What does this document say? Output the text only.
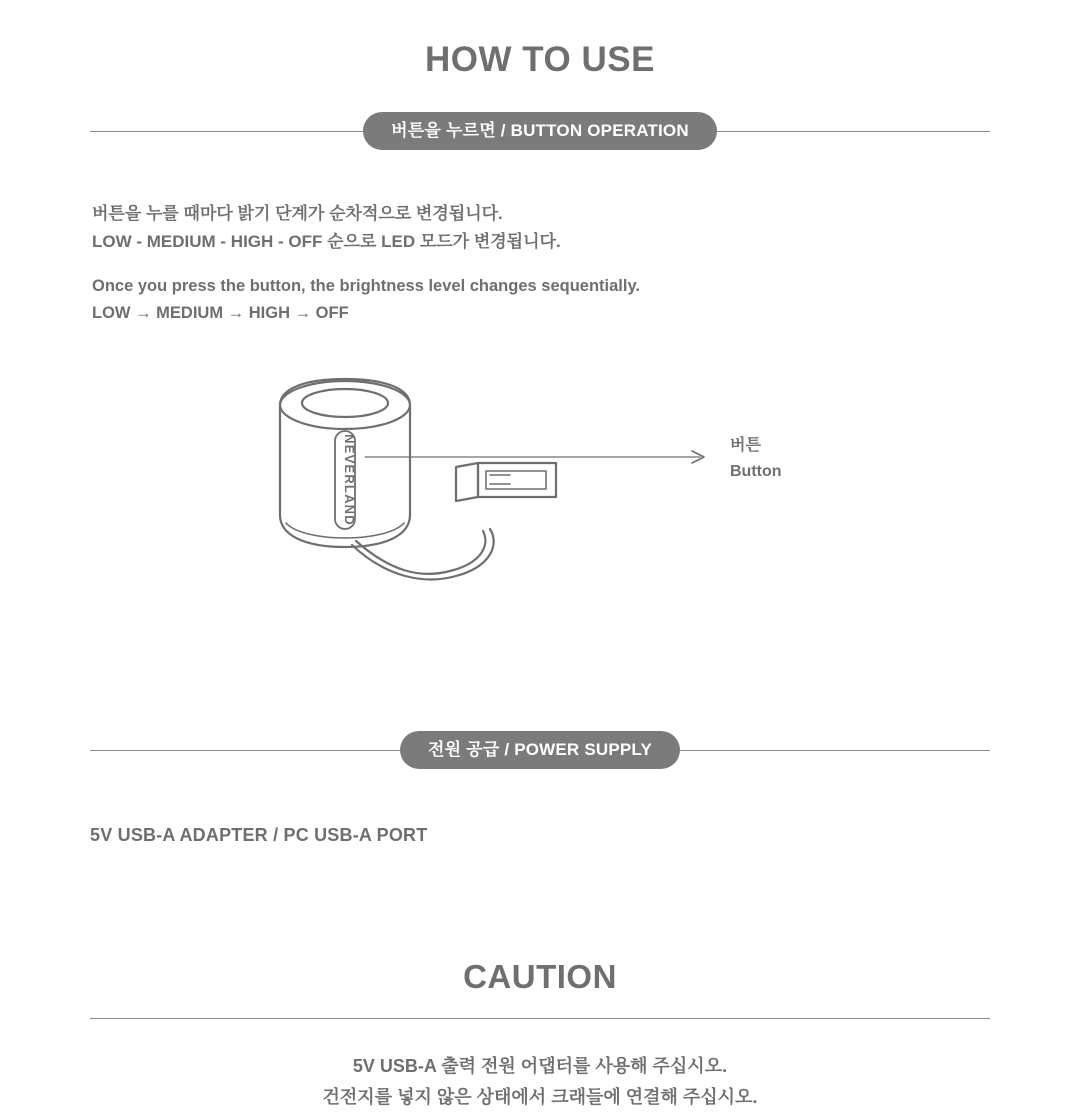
HOW TO USE
버튼을 누르면 / BUTTON OPERATION
버튼을 누를 때마다 밝기 단계가 순차적으로 변경됩니다.
LOW - MEDIUM - HIGH - OFF 순으로 LED 모드가 변경됩니다.
Once you press the button, the brightness level changes sequentially.
LOW → MEDIUM → HIGH → OFF
NEVERLAND	버튼
Button
전원 공급 / POWER SUPPLY
5V USB-A ADAPTER / PC USB-A PORT
CAUTION
5V USB-A 출력 전원 어댑터를 사용해 주십시오.
건전지를 넣지 않은 상태에서 크래들에 연결해 주십시오.
